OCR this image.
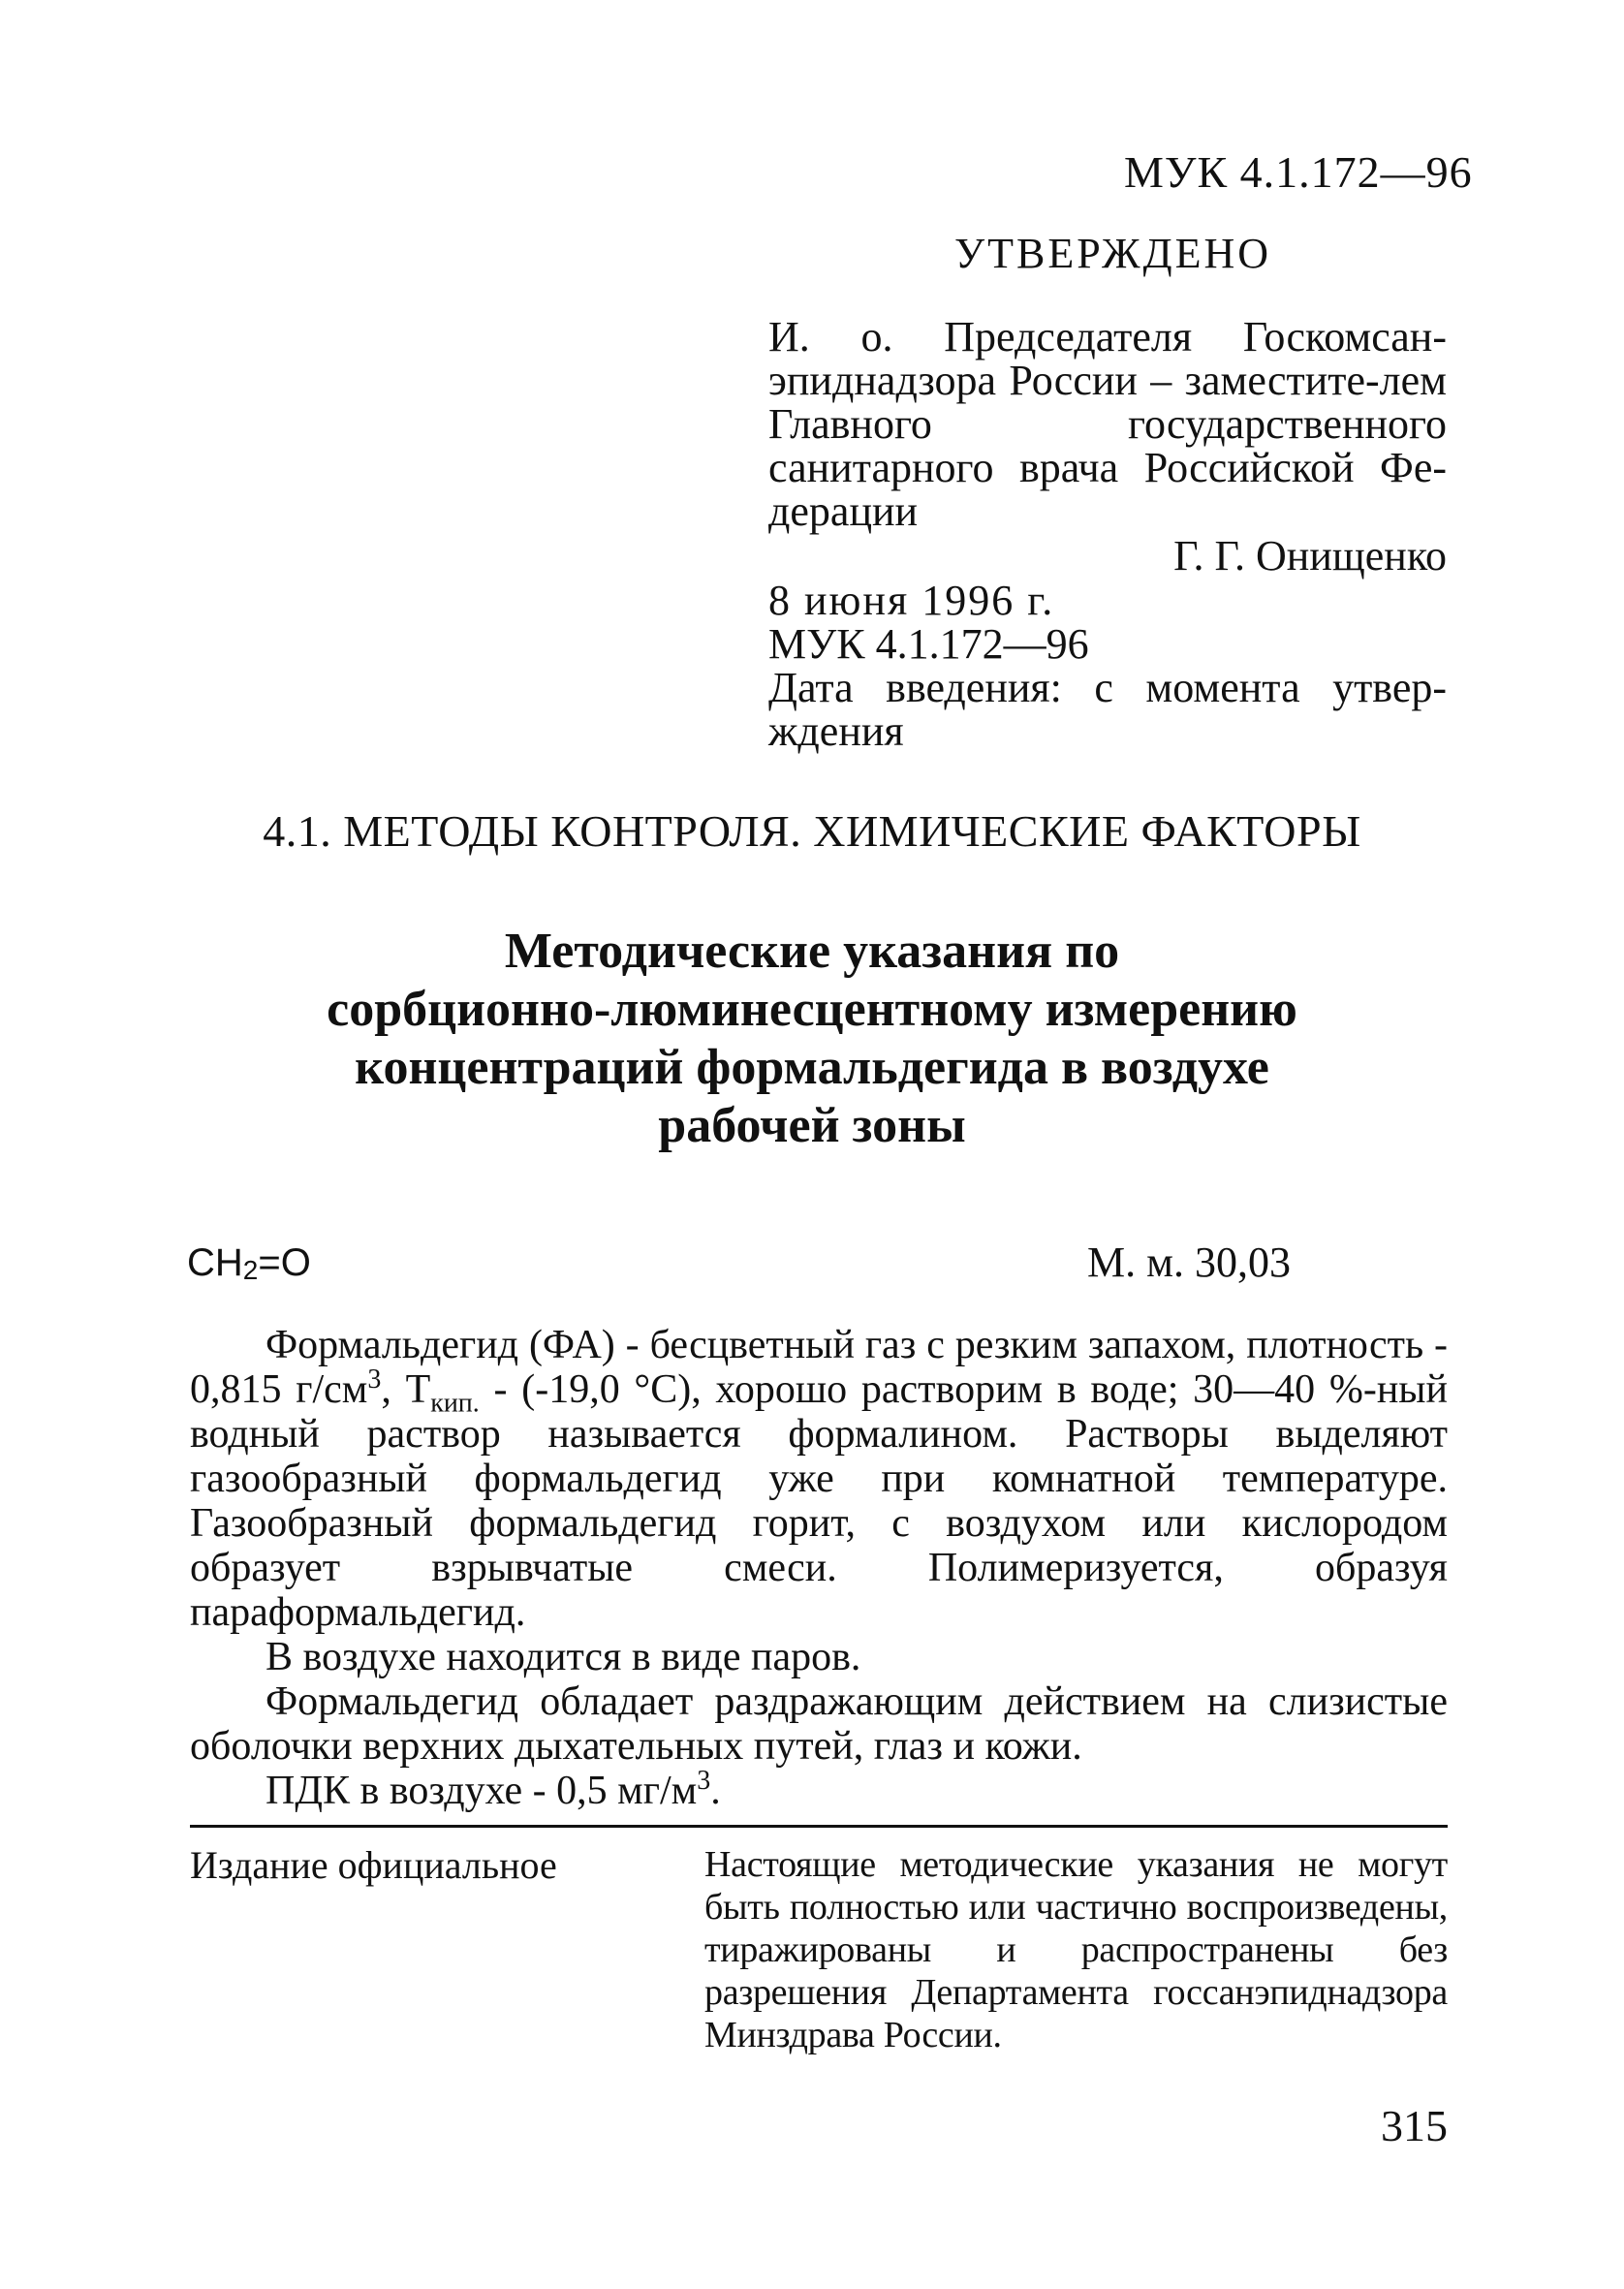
МУК 4.1.172—96
УТВЕРЖДЕНО
И. о. Председателя Госкомсан-эпиднадзора России – заместите-лем Главного государственного санитарного врача Российской Фе-дерации
Г. Г. Онищенко
8 июня 1996 г.
МУК 4.1.172—96
Дата введения: с момента утвер-ждения
4.1. МЕТОДЫ КОНТРОЛЯ. ХИМИЧЕСКИЕ ФАКТОРЫ
Методические указания по
сорбционно-люминесцентному измерению
концентраций формальдегида в воздухе
рабочей зоны
$CH_2=O$	М. м. 30,03

Формальдегид (ФА) - бесцветный газ с резким запахом, плотность - 0,815 $г/см^3$, $Т_{кип.} - (-19,0$ °С), хорошо растворим в воде; 30—40 %-ный водный раствор называется формалином. Растворы выделяют газообразный формальдегид уже при комнатной температуре. Газообразный формальдегид горит, с воздухом или кислородом образует взрывчатые смеси. Полимеризуется, образуя параформальдегид.

В воздухе находится в виде паров.

Формальдегид обладает раздражающим действием на слизистые оболочки верхних дыхательных путей, глаз и кожи.

ПДК в воздухе - 0,5 $мг/м^3$.

Издание официальное	Настоящие методические указания не могут быть полностью или частично воспроизведены, тиражированы и распространены без разрешения Департамента госсанэпиднадзора Минздрава России.
315
